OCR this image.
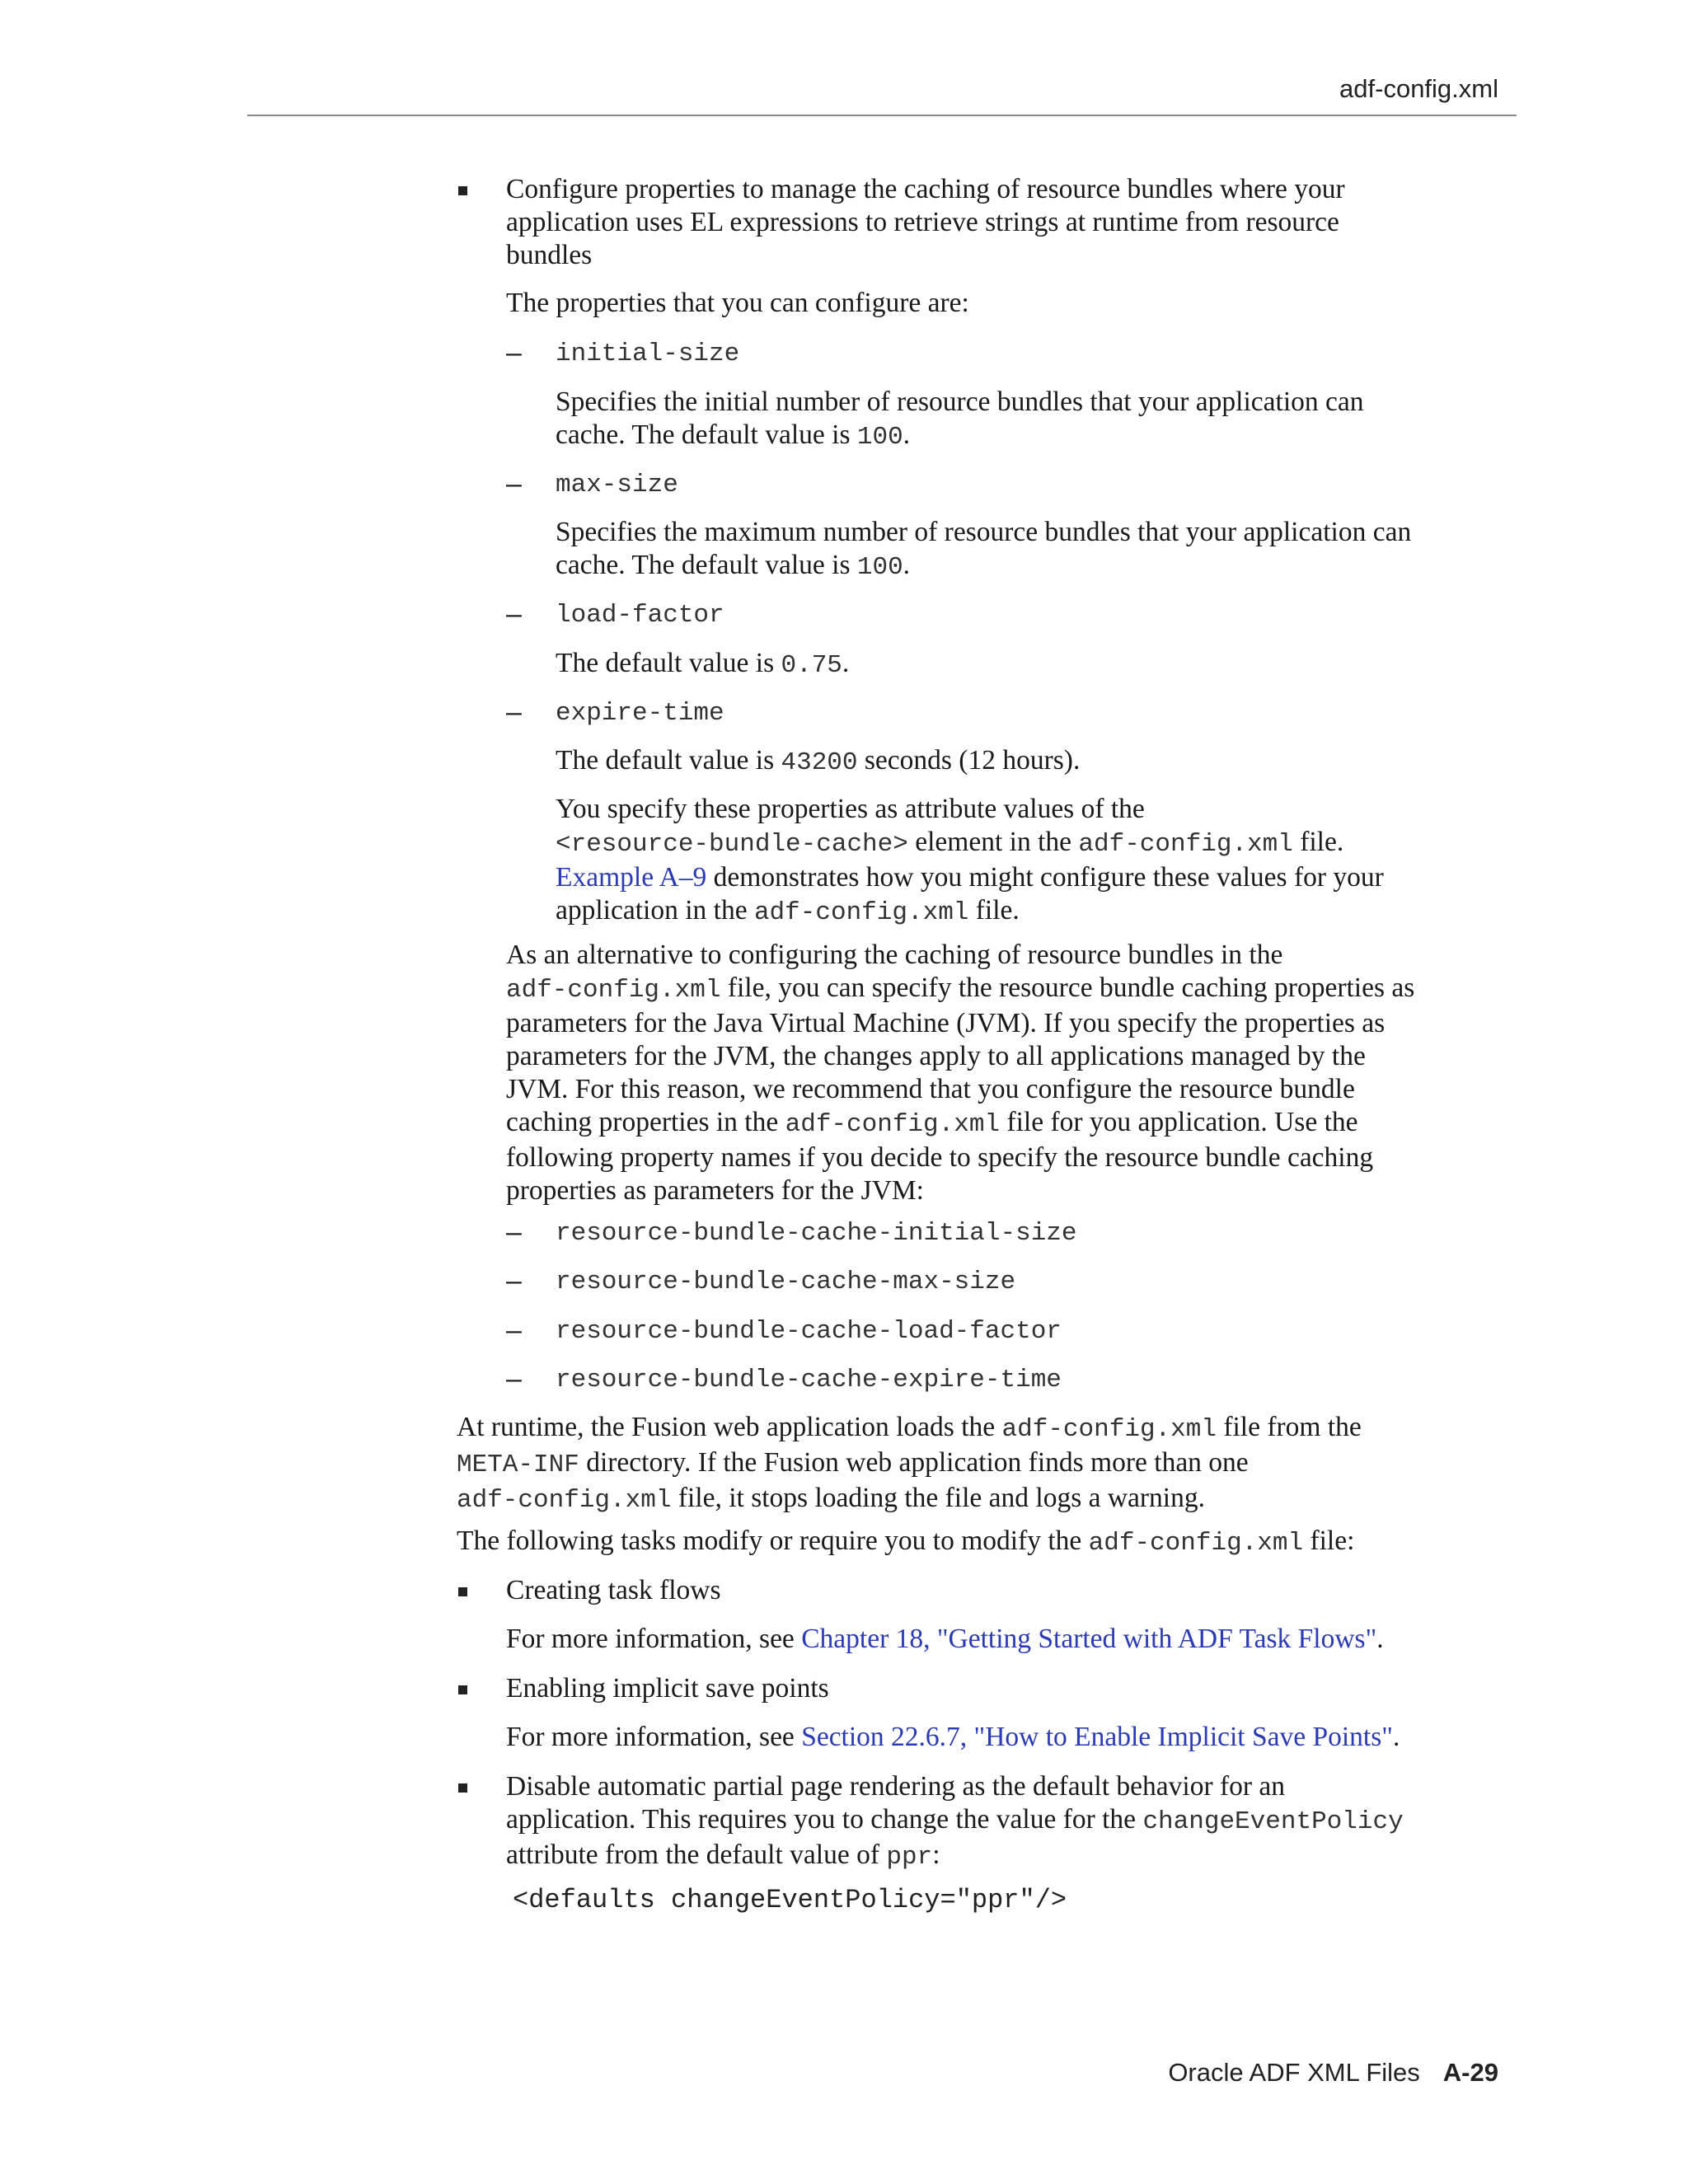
adf-config.xml
Configure properties to manage the caching of resource bundles where your
application uses EL expressions to retrieve strings at runtime from resource
bundles
The properties that you can configure are:
– initial-size
Specifies the initial number of resource bundles that your application can
cache. The default value is 100.
– max-size
Specifies the maximum number of resource bundles that your application can
cache. The default value is 100.
– load-factor
The default value is 0.75.
– expire-time
The default value is 43200 seconds (12 hours).
You specify these properties as attribute values of the
<resource-bundle-cache> element in the adf-config.xml file.
Example A–9 demonstrates how you might configure these values for your
application in the adf-config.xml file.
As an alternative to configuring the caching of resource bundles in the
adf-config.xml file, you can specify the resource bundle caching properties as
parameters for the Java Virtual Machine (JVM). If you specify the properties as
parameters for the JVM, the changes apply to all applications managed by the
JVM. For this reason, we recommend that you configure the resource bundle
caching properties in the adf-config.xml file for you application. Use the
following property names if you decide to specify the resource bundle caching
properties as parameters for the JVM:
– resource-bundle-cache-initial-size
– resource-bundle-cache-max-size
– resource-bundle-cache-load-factor
– resource-bundle-cache-expire-time
At runtime, the Fusion web application loads the adf-config.xml file from the
META-INF directory. If the Fusion web application finds more than one
adf-config.xml file, it stops loading the file and logs a warning.
The following tasks modify or require you to modify the adf-config.xml file:
Creating task flows
For more information, see Chapter 18, "Getting Started with ADF Task Flows".
Enabling implicit save points
For more information, see Section 22.6.7, "How to Enable Implicit Save Points".
Disable automatic partial page rendering as the default behavior for an
application. This requires you to change the value for the changeEventPolicy
attribute from the default value of ppr:
<defaults changeEventPolicy="ppr"/>
Oracle ADF XML Files A-29
